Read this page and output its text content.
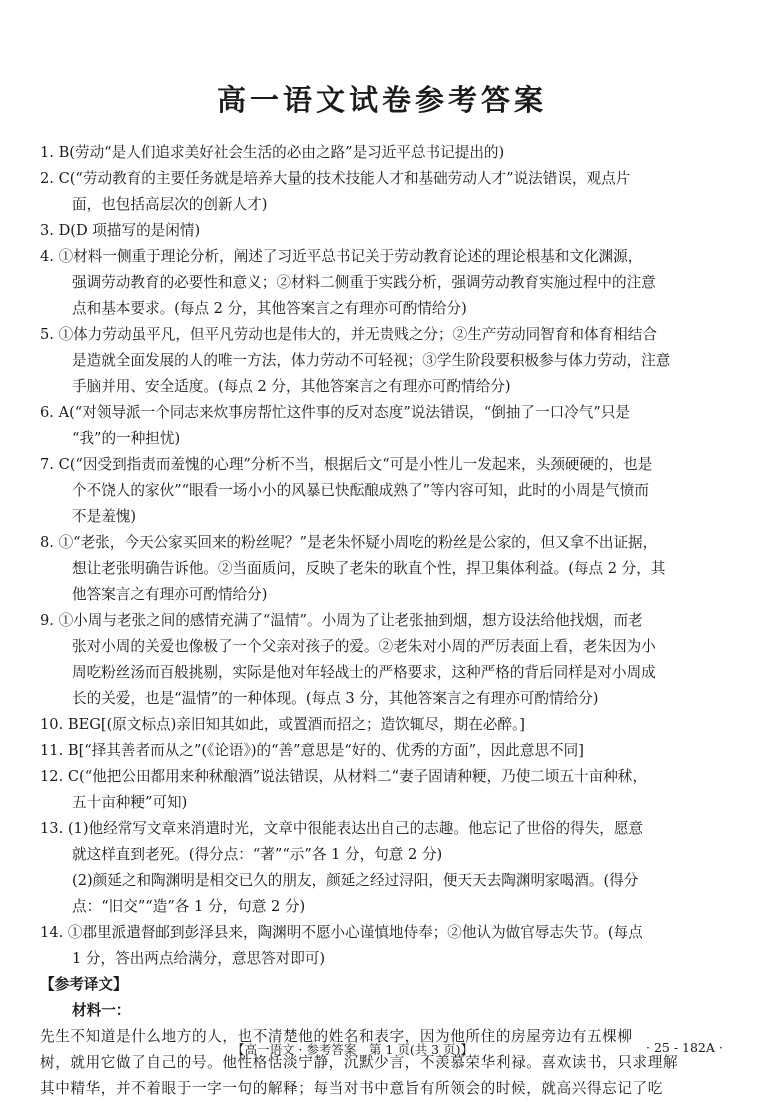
高一语文试卷参考答案
1. B(劳动“是人们追求美好社会生活的必由之路”是习近平总书记提出的)
2. C(“劳动教育的主要任务就是培养大量的技术技能人才和基础劳动人才”说法错误，观点片
面，也包括高层次的创新人才)
3. D(D 项描写的是闲情)
4. ①材料一侧重于理论分析，阐述了习近平总书记关于劳动教育论述的理论根基和文化渊源，
强调劳动教育的必要性和意义；②材料二侧重于实践分析，强调劳动教育实施过程中的注意
点和基本要求。(每点 2 分，其他答案言之有理亦可酌情给分)
5. ①体力劳动虽平凡，但平凡劳动也是伟大的，并无贵贱之分；②生产劳动同智育和体育相结合
是造就全面发展的人的唯一方法，体力劳动不可轻视；③学生阶段要积极参与体力劳动，注意
手脑并用、安全适度。(每点 2 分，其他答案言之有理亦可酌情给分)
6. A(“对领导派一个同志来炊事房帮忙这件事的反对态度”说法错误，“倒抽了一口冷气”只是
“我”的一种担忧)
7. C(“因受到指责而羞愧的心理”分析不当，根据后文“可是小性儿一发起来，头颈硬硬的，也是
个不饶人的家伙”“眼看一场小小的风暴已快酝酿成熟了”等内容可知，此时的小周是气愤而
不是羞愧)
8. ①“老张，今天公家买回来的粉丝呢？”是老朱怀疑小周吃的粉丝是公家的，但又拿不出证据，
想让老张明确告诉他。②当面质问，反映了老朱的耿直个性，捍卫集体利益。(每点 2 分，其
他答案言之有理亦可酌情给分)
9. ①小周与老张之间的感情充满了“温情”。小周为了让老张抽到烟，想方设法给他找烟，而老
张对小周的关爱也像极了一个父亲对孩子的爱。②老朱对小周的严厉表面上看，老朱因为小
周吃粉丝汤而百般挑剔，实际是他对年轻战士的严格要求，这种严格的背后同样是对小周成
长的关爱，也是“温情”的一种体现。(每点 3 分，其他答案言之有理亦可酌情给分)
10. BEG[(原文标点)亲旧知其如此，或置酒而招之；造饮辄尽，期在必醉。]
11. B[“择其善者而从之”(《论语》)的“善”意思是“好的、优秀的方面”，因此意思不同]
12. C(“他把公田都用来种秫酿酒”说法错误，从材料二“妻子固请种粳，乃使二顷五十亩种秫，
五十亩种粳”可知)
13. (1)他经常写文章来消遣时光，文章中很能表达出自己的志趣。他忘记了世俗的得失，愿意
就这样直到老死。(得分点：“著”“示”各 1 分，句意 2 分)
(2)颜延之和陶渊明是相交已久的朋友，颜延之经过浔阳，便天天去陶渊明家喝酒。(得分
点：“旧交”“造”各 1 分，句意 2 分)
14. ①郡里派遣督邮到彭泽县来，陶渊明不愿小心谨慎地侍奉；②他认为做官辱志失节。(每点
1 分，答出两点给满分，意思答对即可)
【参考译文】
材料一：
先生不知道是什么地方的人，也不清楚他的姓名和表字，因为他所住的房屋旁边有五棵柳
树，就用它做了自己的号。他性格恬淡宁静，沉默少言，不羡慕荣华利禄。喜欢读书，只求理解
其中精华，并不着眼于一字一句的解释；每当对书中意旨有所领会的时候，就高兴得忘记了吃
【高一语文 · 参考答案　第 1 页(共 3 页)】	· 25 - 182A ·
